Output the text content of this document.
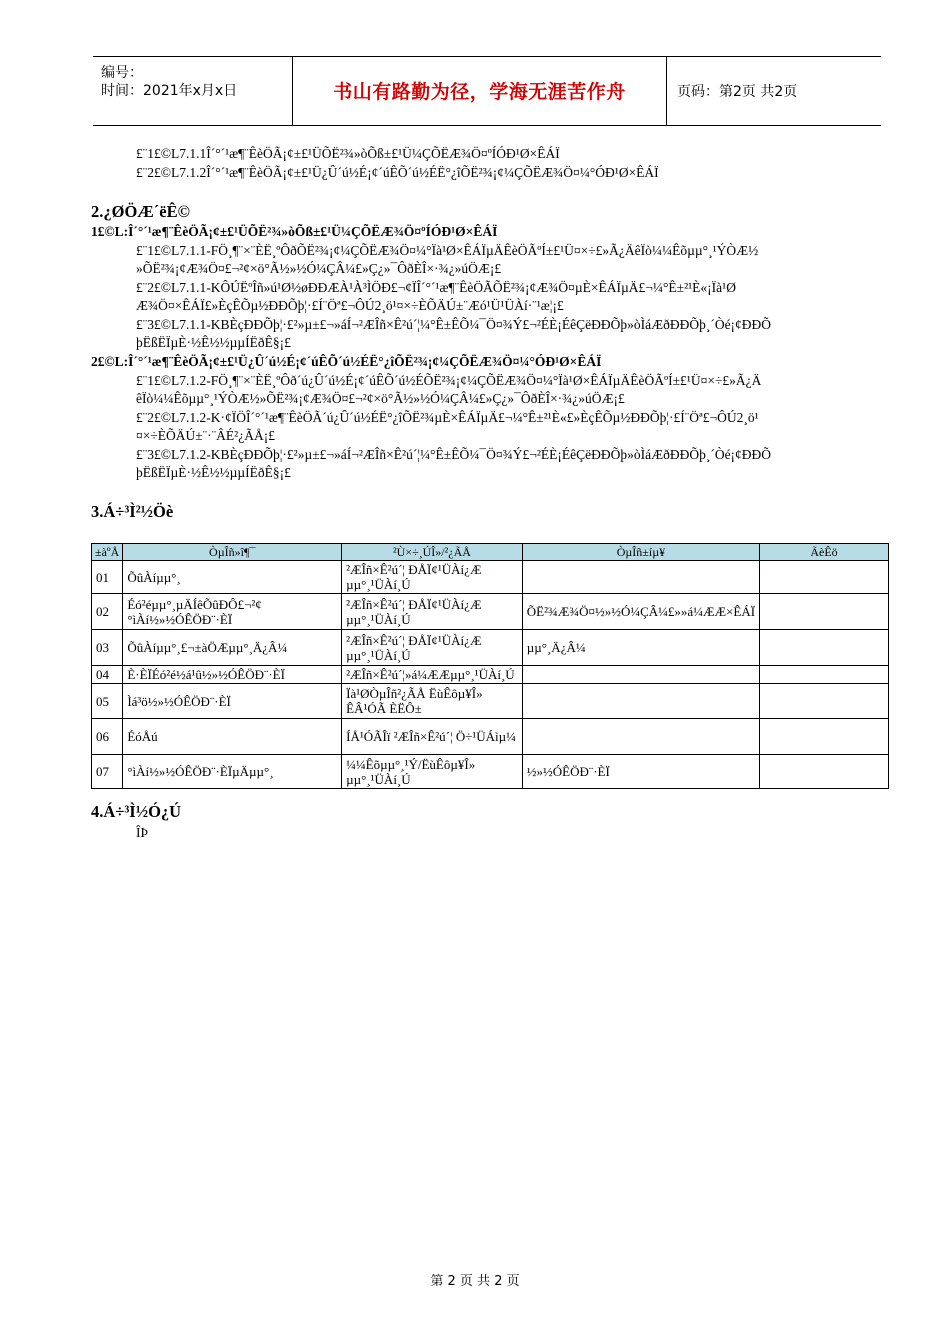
编号：
时间：2021年x月x日	书山有路勤为径，学海无涯苦作舟	页码：第2页 共2页
£¨1£©L7.1.1Î´°´¹æ¶¨ÊèÖÃ¡¢±£¹ÜÕË²¾»òÕß±£¹Ü¼ÇÕËÆ¾Ö¤ºÍÓÐ¹Ø×ÊÁÏ
£¨2£©L7.1.2Î´°´¹æ¶¨ÊèÖÃ¡¢±£¹Ü¿Û´ú½É¡¢´úÊÕ´ú½ÉË°¿îÕË²¾¡¢¼ÇÕËÆ¾Ö¤¼°ÓÐ¹Ø×ÊÁÏ
2.¿ØÖÆ´ëÊ©
1£©L:Î´°´¹æ¶¨ÊèÖÃ¡¢±£¹ÜÕË²¾»òÕß±£¹Ü¼ÇÕËÆ¾Ö¤ºÍÓÐ¹Ø×ÊÁÏ
£¨1£©L7.1.1-FÖ¸¶¨×¨ÈË¸ºÔðÕË²¾¡¢¼ÇÕËÆ¾Ö¤¼°Ïà¹Ø×ÊÁÏµÄÊèÖÃºÍ±£¹Ü¤×÷£»Ã¿ÄêÏò¼¼Êõµµ°¸¹ÝÒÆ½
»ÕË²¾¡¢Æ¾Ö¤£¬²¢×ö°Ã½»½Ó¼ÇÂ¼£»Ç¿»¯ÔðÈÎ×·¾¿»úÖÆ¡£
£¨2£©L7.1.1-KÔÚËºÎñ»ú¹Ø½øÐÐÆÀ¹À³ÌÖÐ£¬¢ÏÎ´°´¹æ¶¨ÊèÖÃÕË²¾¡¢Æ¾Ö¤µÈ×ÊÁÏµÄ£¬¼°Ê±²¹È«¡Ïà¹Ø
Æ¾Ö¤×ÊÁÏ£»ÈçÊÕµ½ÐÐÕþ¦·£Í¨Öª£¬ÔÚ2¸ö¹¤×÷ÈÕÄÚ±¨Æó¹Ü¹ÜÀí·¨¹æ¦¡£
£¨3£©L7.1.1-KBÈçÐÐÕþ¦·£²»µ±£¬»áÍ¬²ÆÎñ×Ê²ú´¦¼°Ê±ÊÕ¼¯Ö¤¾Ý£¬²ÉÈ¡ÉêÇëÐÐÕþ»òÌáÆðÐÐÕþ¸´Òé¡¢ÐÐÕ
þËßËÏµÈ·½Ê½½µµÍËðÊ§¡£
2£©L:Î´°´¹æ¶¨ÊèÖÃ¡¢±£¹Ü¿Û´ú½É¡¢´úÊÕ´ú½ÉË°¿îÕË²¾¡¢¼ÇÕËÆ¾Ö¤¼°ÓÐ¹Ø×ÊÁÏ
£¨1£©L7.1.2-FÖ¸¶¨×¨ÈË¸ºÔð´ú¿Û´ú½É¡¢´úÊÕ´ú½ÉÕË²¾¡¢¼ÇÕËÆ¾Ö¤¼°Ïà¹Ø×ÊÁÏµÄÊèÖÃºÍ±£¹Ü¤×÷£»Ã¿Ä
êÏò¼¼Êõµµ°¸¹ÝÒÆ½»ÕË²¾¡¢Æ¾Ö¤£¬²¢×ö°Ã½»½Ó¼ÇÂ¼£»Ç¿»¯ÔðÈÎ×·¾¿»úÖÆ¡£
£¨2£©L7.1.2-K·¢ÏÖÎ´°´¹æ¶¨ÊèÖÃ´ú¿Û´ú½ÉË°¿îÕË²¾µÈ×ÊÁÏµÄ£¬¼°Ê±²¹È«£»ÈçÊÕµ½ÐÐÕþ¦·£Í¨Öª£¬ÔÚ2¸ö¹
¤×÷ÈÕÄÚ±¨·¨ÂÉ²¿ÃÅ¡£
£¨3£©L7.1.2-KBÈçÐÐÕþ¦·£²»µ±£¬»áÍ¬²ÆÎñ×Ê²ú´¦¼°Ê±ÊÕ¼¯Ö¤¾Ý£¬²ÉÈ¡ÉêÇëÐÐÕþ»òÌáÆðÐÐÕþ¸´Òé¡¢ÐÐÕ
þËßËÏµÈ·½Ê½½µµÍËðÊ§¡£
3.Á÷³Ì²½Öè
±àºÅ	ÒµÎñ»î¶¯	²Ù×÷¸ÚÎ»/²¿ÃÅ	ÒµÎñ±íµ¥	ÃèÊö
01	ÕûÀíµµ°¸	²ÆÎñ×Ê²ú´¦ ÐÅÏ¢¹ÜÀí¿Æ µµ°¸¹ÜÀí¸Ú		
02	Éó²éµµ°¸µÄÍêÕûÐÔ£¬²¢°ìÀí½»½ÓÊÖÐ¨·ÈÏ	²ÆÎñ×Ê²ú´¦ ÐÅÏ¢¹ÜÀí¿Æ µµ°¸¹ÜÀí¸Ú	ÕË²¾Æ¾Ö¤½»½Ó¼ÇÂ¼£»»á¼ÆÆ×ÊÁÏ	
03	ÕûÀíµµ°¸£¬±àÖÆµµ°¸Ä¿Â¼	²ÆÎñ×Ê²ú´¦ ÐÅÏ¢¹ÜÀí¿Æ µµ°¸¹ÜÀí¸Ú	µµ°¸Ä¿Â¼	
04	È·ÈÏÉó²é½á¹û½»½ÓÊÖÐ¨·ÈÏ	²ÆÎñ×Ê²ú´¦»á¼ÆÆµµ°¸¹ÜÀí¸Ú		
05	Ìá³ö½»½ÓÊÖÐ¨·ÈÏ	Ïà¹ØÒµÎñ²¿ÃÅ ËùÊôµ¥Î» ÊÂ¹ÓÃ ÈËÔ±		
06	ÉóÅú	ÍÅ¹ÓÃÎï ²ÆÎñ×Ê²ú´¦ Ö÷¹ÜÁìµ¼		
07	°ìÀí½»½ÓÊÖÐ¨·ÈÏµÄµµ°¸	¼¼Êõµµ°¸¹Ý/ËùÊôµ¥Î» µµ°¸¹ÜÀí¸Ú	½»½ÓÊÖÐ¨·ÈÏ	
4.Á÷³Ì½Ó¿Ú
ÎÞ
第 2 页 共 2 页
